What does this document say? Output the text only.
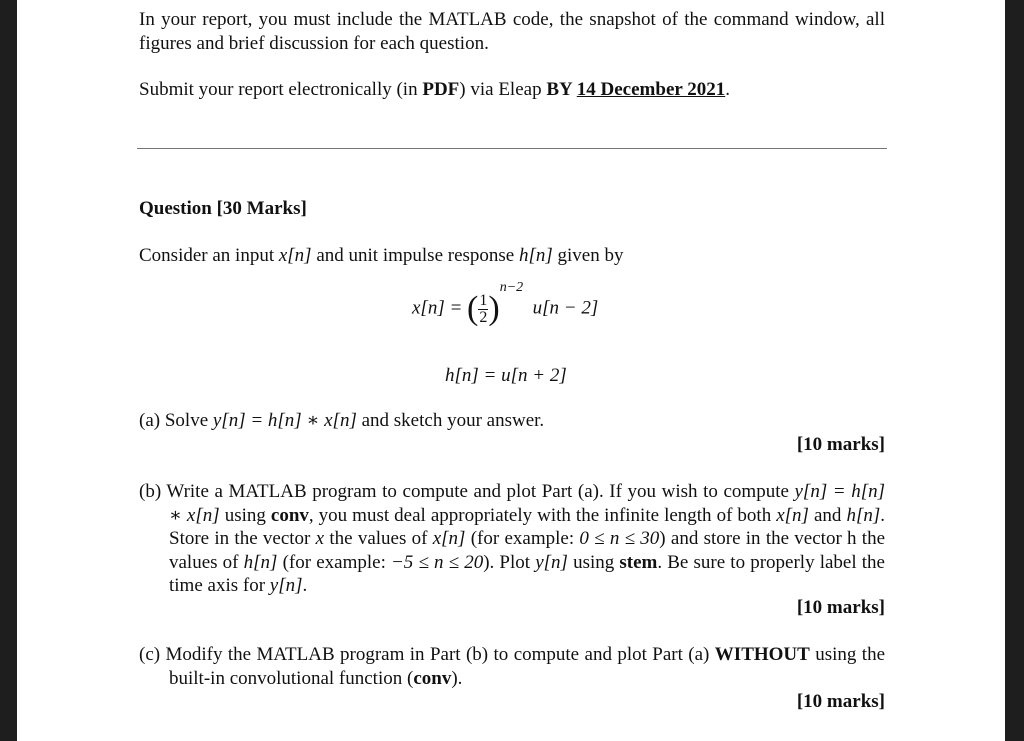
In your report, you must include the MATLAB code, the snapshot of the command window, all figures and brief discussion for each question.
Submit your report electronically (in PDF) via Eleap BY 14 December 2021.
Question [30 Marks]
Consider an input x[n] and unit impulse response h[n] given by
x[n] = ( $\frac{1}{2} )^{n-2}$  u[n − 2]
h[n] = u[n + 2]
(a) Solve y[n] = h[n] ∗ x[n] and sketch your answer.
[10 marks]
(b) Write a MATLAB program to compute and plot Part (a). If you wish to compute y[n] = h[n] ∗ x[n] using conv, you must deal appropriately with the infinite length of both x[n] and h[n]. Store in the vector x the values of x[n] (for example: 0 ≤ n ≤ 30) and store in the vector h the values of h[n] (for example: −5 ≤ n ≤ 20). Plot y[n] using stem. Be sure to properly label the time axis for y[n].
[10 marks]
(c) Modify the MATLAB program in Part (b) to compute and plot Part (a) WITHOUT using the built-in convolutional function (conv).
[10 marks]
